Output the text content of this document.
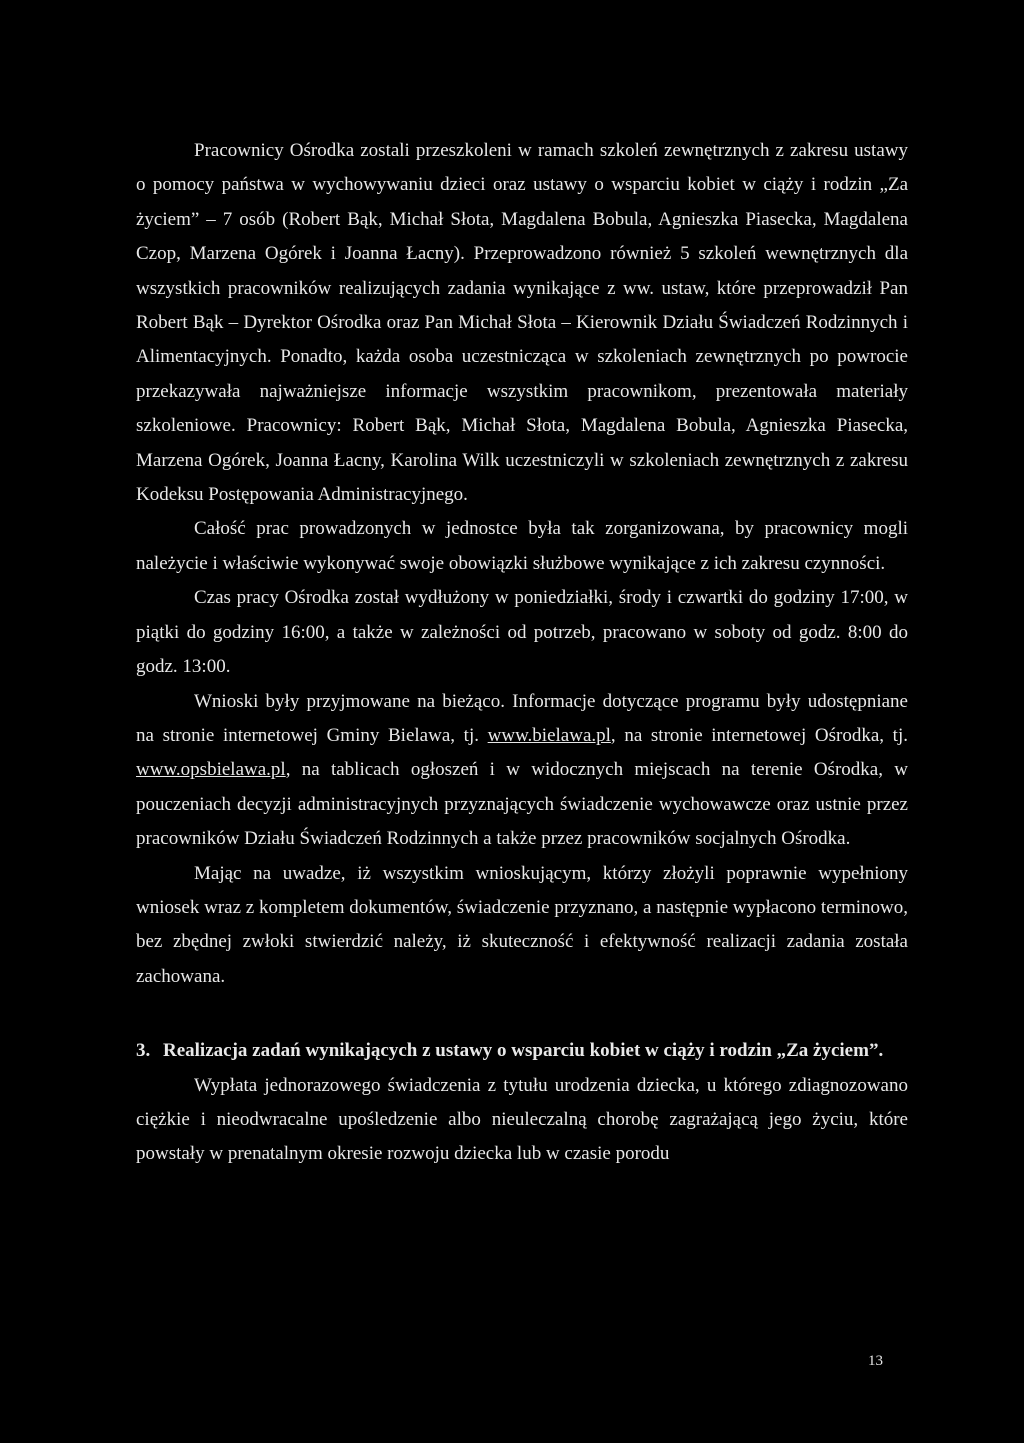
Pracownicy Ośrodka zostali przeszkoleni w ramach szkoleń zewnętrznych z zakresu ustawy o pomocy państwa w wychowywaniu dzieci oraz ustawy o wsparciu kobiet w ciąży i rodzin „Za życiem” – 7 osób (Robert Bąk, Michał Słota, Magdalena Bobula, Agnieszka Piasecka, Magdalena Czop, Marzena Ogórek i Joanna Łacny). Przeprowadzono również 5 szkoleń wewnętrznych dla wszystkich pracowników realizujących zadania wynikające z ww. ustaw, które przeprowadził Pan Robert Bąk – Dyrektor Ośrodka oraz Pan Michał Słota – Kierownik Działu Świadczeń Rodzinnych i Alimentacyjnych. Ponadto, każda osoba uczestnicząca w szkoleniach zewnętrznych po powrocie przekazywała najważniejsze informacje wszystkim pracownikom, prezentowała materiały szkoleniowe. Pracownicy: Robert Bąk, Michał Słota, Magdalena Bobula, Agnieszka Piasecka, Marzena Ogórek, Joanna Łacny, Karolina Wilk uczestniczyli w szkoleniach zewnętrznych z zakresu Kodeksu Postępowania Administracyjnego.

Całość prac prowadzonych w jednostce była tak zorganizowana, by pracownicy mogli należycie i właściwie wykonywać swoje obowiązki służbowe wynikające z ich zakresu czynności.

Czas pracy Ośrodka został wydłużony w poniedziałki, środy i czwartki do godziny 17:00, w piątki do godziny 16:00, a także w zależności od potrzeb, pracowano w soboty od godz. 8:00 do godz. 13:00.

Wnioski były przyjmowane na bieżąco. Informacje dotyczące programu były udostępniane na stronie internetowej Gminy Bielawa, tj. www.bielawa.pl, na stronie internetowej Ośrodka, tj. www.opsbielawa.pl, na tablicach ogłoszeń i w widocznych miejscach na terenie Ośrodka, w pouczeniach decyzji administracyjnych przyznających świadczenie wychowawcze oraz ustnie przez pracowników Działu Świadczeń Rodzinnych a także przez pracowników socjalnych Ośrodka.

Mając na uwadze, iż wszystkim wnioskującym, którzy złożyli poprawnie wypełniony wniosek wraz z kompletem dokumentów, świadczenie przyznano, a następnie wypłacono terminowo, bez zbędnej zwłoki stwierdzić należy, iż skuteczność i efektywność realizacji zadania została zachowana.

3. Realizacja zadań wynikających z ustawy o wsparciu kobiet w ciąży i rodzin „Za życiem”.

Wypłata jednorazowego świadczenia z tytułu urodzenia dziecka, u którego zdiagnozowano ciężkie i nieodwracalne upośledzenie albo nieuleczalną chorobę zagrażającą jego życiu, które powstały w prenatalnym okresie rozwoju dziecka lub w czasie porodu

13
